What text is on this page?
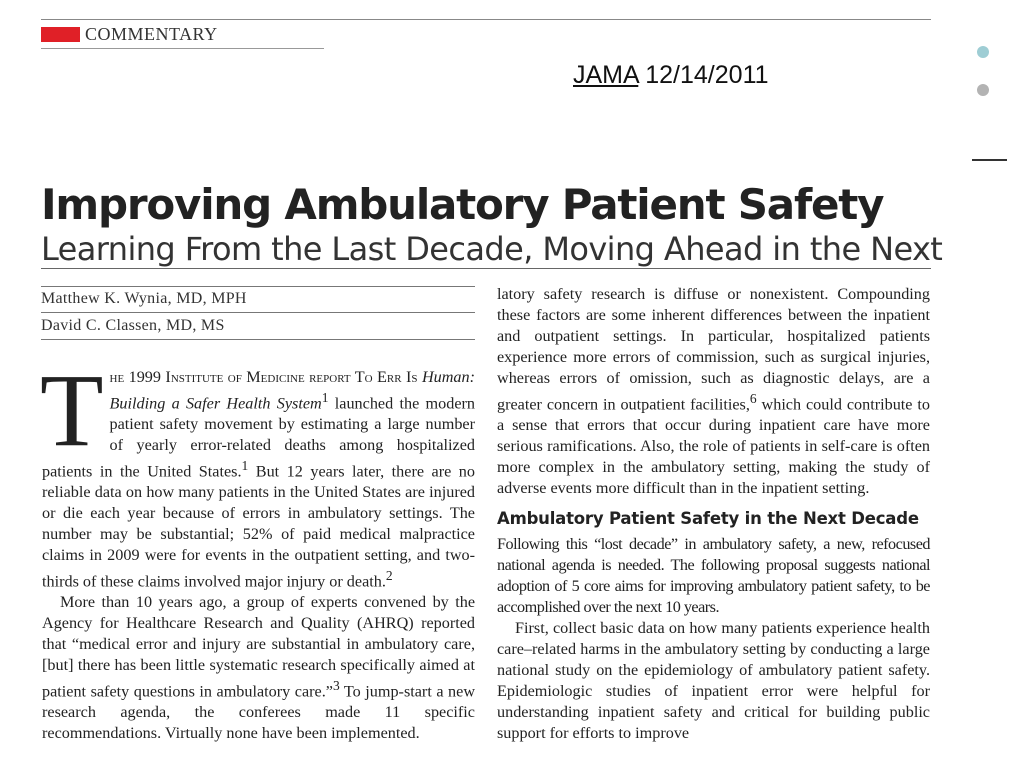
COMMENTARY
JAMA 12/14/2011
Improving Ambulatory Patient Safety
Learning From the Last Decade, Moving Ahead in the Next
Matthew K. Wynia, MD, MPH
David C. Classen, MD, MS

The 1999 Institute of Medicine report To Err Is Human: Building a Safer Health System$^1$ launched the modern patient safety movement by estimating a large number of yearly error-related deaths among hospitalized patients in the United States.$^1$ But 12 years later, there are no reliable data on how many patients in the United States are injured or die each year because of errors in ambulatory settings. The number may be substantial; 52% of paid medical malpractice claims in 2009 were for events in the outpatient setting, and two-thirds of these claims involved major injury or death.$^2$

More than 10 years ago, a group of experts convened by the Agency for Healthcare Research and Quality (AHRQ) reported that “medical error and injury are substantial in ambulatory care, [but] there has been little systematic research specifically aimed at patient safety questions in ambulatory care.”$^3$ To jump-start a new research agenda, the conferees made 11 specific recommendations. Virtually none have been implemented.

latory safety research is diffuse or nonexistent. Compounding these factors are some inherent differences between the inpatient and outpatient settings. In particular, hospitalized patients experience more errors of commission, such as surgical injuries, whereas errors of omission, such as diagnostic delays, are a greater concern in outpatient facilities,$^6$ which could contribute to a sense that errors that occur during inpatient care have more serious ramifications. Also, the role of patients in self-care is often more complex in the ambulatory setting, making the study of adverse events more difficult than in the inpatient setting.

Ambulatory Patient Safety in the Next Decade

Following this “lost decade” in ambulatory safety, a new, refocused national agenda is needed. The following proposal suggests national adoption of 5 core aims for improving ambulatory patient safety, to be accomplished over the next 10 years.

First, collect basic data on how many patients experience health care–related harms in the ambulatory setting by conducting a large national study on the epidemiology of ambulatory patient safety. Epidemiologic studies of inpatient error were helpful for understanding inpatient safety and critical for building public support for efforts to improve
